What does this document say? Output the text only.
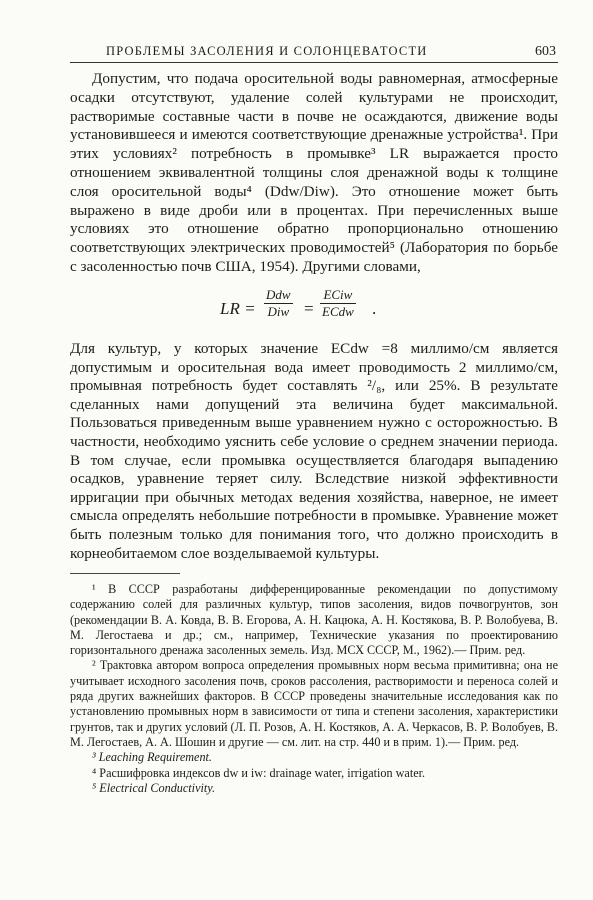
ПРОБЛЕМЫ ЗАСОЛЕНИЯ И СОЛОНЦЕВАТОСТИ	603

Допустим, что подача оросительной воды равномерная, атмосферные осадки отсутствуют, удаление солей культурами не происходит, растворимые составные части в почве не осаждаются, движение воды установившееся и имеются соответствующие дренажные устройства¹. При этих условиях² потребность в промывке³ LR выражается просто отношением эквивалентной толщины слоя дренажной воды к толщине слоя оросительной воды⁴ (Ddw/Diw). Это отношение может быть выражено в виде дроби или в процентах. При перечисленных выше условиях это отношение обратно пропорционально отношению соответствующих электрических проводимостей⁵ (Лаборатория по борьбе с засоленностью почв США, 1954). Другими словами,

LR =
Ddw
Diw =
ECiw
ECdw .

Для культур, у которых значение ECdw =8 миллимо/см является допустимым и оросительная вода имеет проводимость 2 миллимо/см, промывная потребность будет составлять ²/₈, или 25%. В результате сделанных нами допущений эта величина будет максимальной. Пользоваться приведенным выше уравнением нужно с осторожностью. В частности, необходимо уяснить себе условие о среднем значении периода. В том случае, если промывка осуществляется благодаря выпадению осадков, уравнение теряет силу. Вследствие низкой эффективности ирригации при обычных методах ведения хозяйства, наверное, не имеет смысла определять небольшие потребности в промывке. Уравнение может быть полезным только для понимания того, что должно происходить в корнеобитаемом слое возделываемой культуры.

¹ В СССР разработаны дифференцированные рекомендации по допустимому содержанию солей для различных культур, типов засоления, видов почвогрунтов, зон (рекомендации В. А. Ковда, В. В. Егорова, А. Н. Кацюка, А. Н. Костякова, В. Р. Волобуева, В. М. Легостаева и др.; см., например, Технические указания по проектированию горизонтального дренажа засоленных земель. Изд. МСХ СССР, М., 1962).— Прим. ред.

² Трактовка автором вопроса определения промывных норм весьма примитивна; она не учитывает исходного засоления почв, сроков рассоления, растворимости и переноса солей и ряда других важнейших факторов. В СССР проведены значительные исследования как по установлению промывных норм в зависимости от типа и степени засоления, характеристики грунтов, так и других условий (Л. П. Розов, А. Н. Костяков, А. А. Черкасов, В. Р. Волобуев, В. М. Легостаев, А. А. Шошин и другие — см. лит. на стр. 440 и в прим. 1).— Прим. ред.

³ Leaching Requirement.

⁴ Расшифровка индексов dw и iw: drainage water, irrigation water.

⁵ Electrical Conductivity.
